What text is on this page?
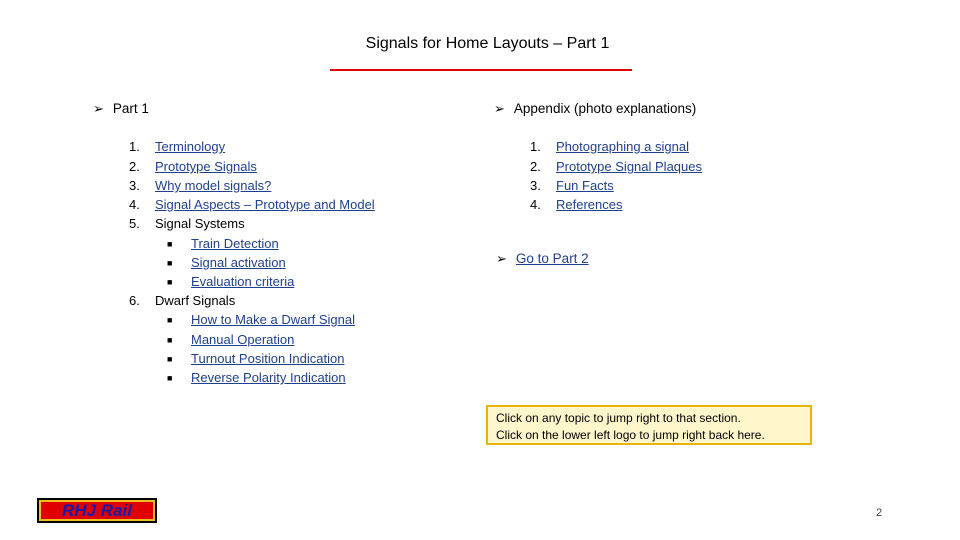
Signals for Home Layouts – Part 1
➢ Part 1
1. Terminology
2. Prototype Signals
3. Why model signals?
4. Signal Aspects – Prototype and Model
5. Signal Systems
■ Train Detection
■ Signal activation
■ Evaluation criteria
6. Dwarf Signals
■ How to Make a Dwarf Signal
■ Manual Operation
■ Turnout Position Indication
■ Reverse Polarity Indication
➢ Appendix (photo explanations)
1. Photographing a signal
2. Prototype Signal Plaques
3. Fun Facts
4. References
➢ Go to Part 2
Click on any topic to jump right to that section.
Click on the lower left logo to jump right back here.
RHJ Rail	2
